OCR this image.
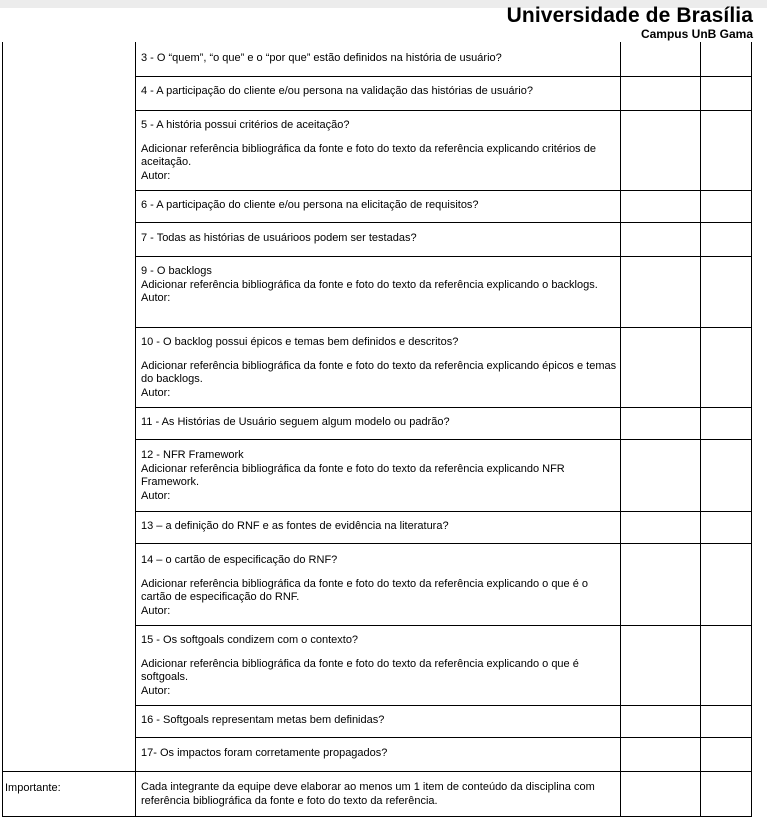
Universidade de Brasília
Campus UnB Gama

3 - O “quem”, “o que” e o “por que” estão definidos na história de usuário?

4 - A participação do cliente e/ou persona na validação das histórias de usuário?

5 - A história possui critérios de aceitação?

Adicionar referência bibliográfica da fonte e foto do texto da referência explicando critérios de aceitação.

Autor:

6 - A participação do cliente e/ou persona na elicitação de requisitos?

7 - Todas as histórias de usuárioos podem ser testadas?

9 - O backlogs

Adicionar referência bibliográfica da fonte e foto do texto da referência explicando o backlogs.

Autor:

10 - O backlog possui épicos e temas bem definidos e descritos?

Adicionar referência bibliográfica da fonte e foto do texto da referência explicando épicos e temas do backlogs.

Autor:

11 - As Histórias de Usuário seguem algum modelo ou padrão?

12 - NFR Framework

Adicionar referência bibliográfica da fonte e foto do texto da referência explicando NFR Framework.

Autor:

13 – a definição do RNF e as fontes de evidência na literatura?

14 – o cartão de especificação do RNF?

Adicionar referência bibliográfica da fonte e foto do texto da referência explicando o que é o cartão de especificação do RNF.

Autor:

15 - Os softgoals condizem com o contexto?

Adicionar referência bibliográfica da fonte e foto do texto da referência explicando o que é softgoals.

Autor:

16 - Softgoals representam metas bem definidas?

17- Os impactos foram corretamente propagados?

Importante:	Cada integrante da equipe deve elaborar ao menos um 1 item de conteúdo da disciplina com referência bibliográfica da fonte e foto do texto da referência.
